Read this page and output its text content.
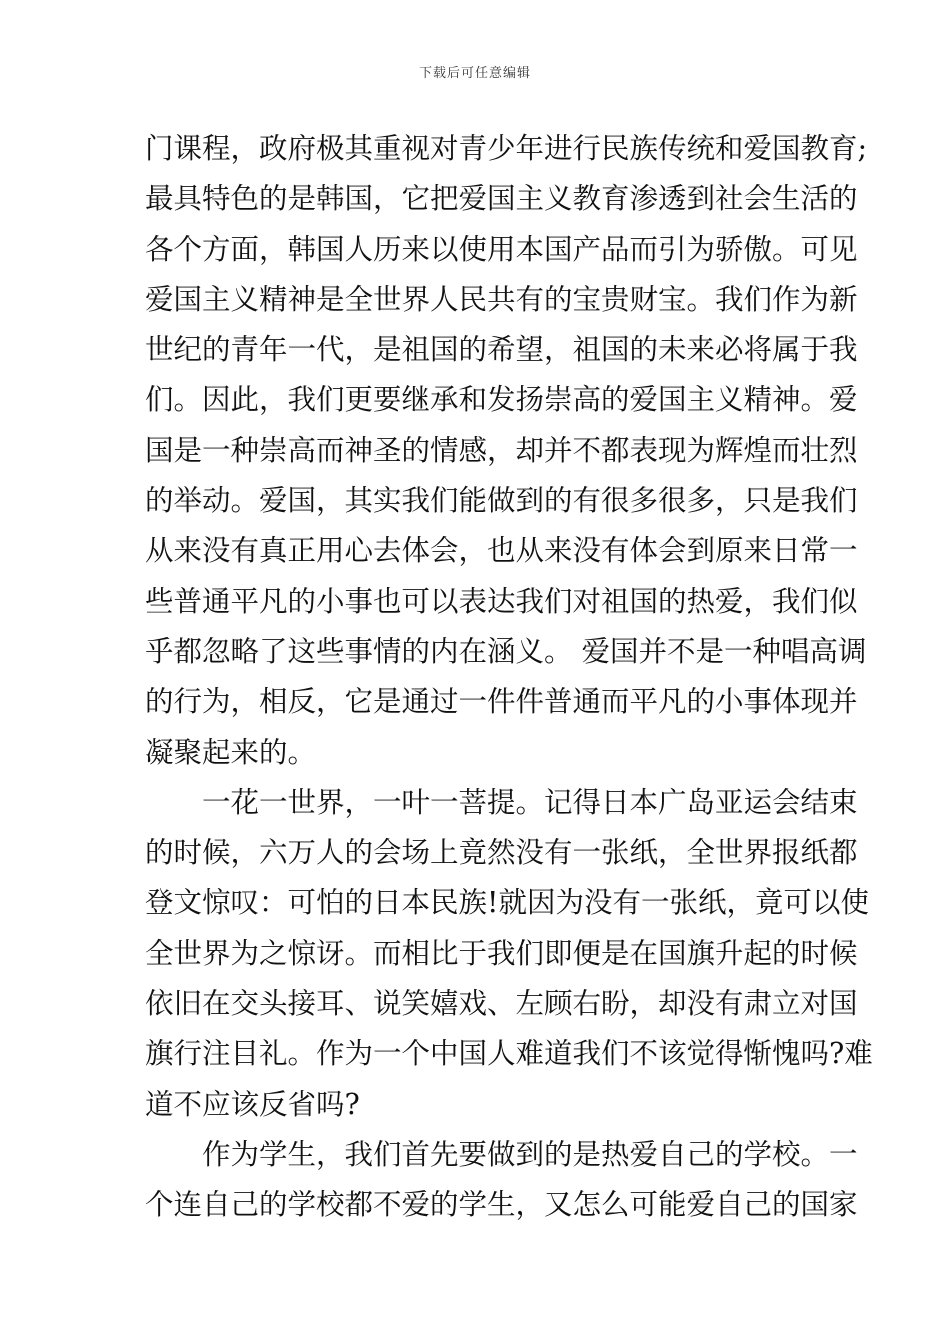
下载后可任意编辑
门课程，政府极其重视对青少年进行民族传统和爱国教育;
最具特色的是韩国，它把爱国主义教育渗透到社会生活的
各个方面，韩国人历来以使用本国产品而引为骄傲。可见
爱国主义精神是全世界人民共有的宝贵财宝。我们作为新
世纪的青年一代，是祖国的希望，祖国的未来必将属于我
们。因此，我们更要继承和发扬崇高的爱国主义精神。爱
国是一种崇高而神圣的情感，却并不都表现为辉煌而壮烈
的举动。爱国，其实我们能做到的有很多很多，只是我们
从来没有真正用心去体会，也从来没有体会到原来日常一
些普通平凡的小事也可以表达我们对祖国的热爱，我们似
乎都忽略了这些事情的内在涵义。 爱国并不是一种唱高调
的行为，相反，它是通过一件件普通而平凡的小事体现并
凝聚起来的。
　　一花一世界，一叶一菩提。记得日本广岛亚运会结束
的时候，六万人的会场上竟然没有一张纸，全世界报纸都
登文惊叹：可怕的日本民族!就因为没有一张纸，竟可以使
全世界为之惊讶。而相比于我们即便是在国旗升起的时候
依旧在交头接耳、说笑嬉戏、左顾右盼，却没有肃立对国
旗行注目礼。作为一个中国人难道我们不该觉得惭愧吗?难
道不应该反省吗?
　　作为学生，我们首先要做到的是热爱自己的学校。一
个连自己的学校都不爱的学生，又怎么可能爱自己的国家
